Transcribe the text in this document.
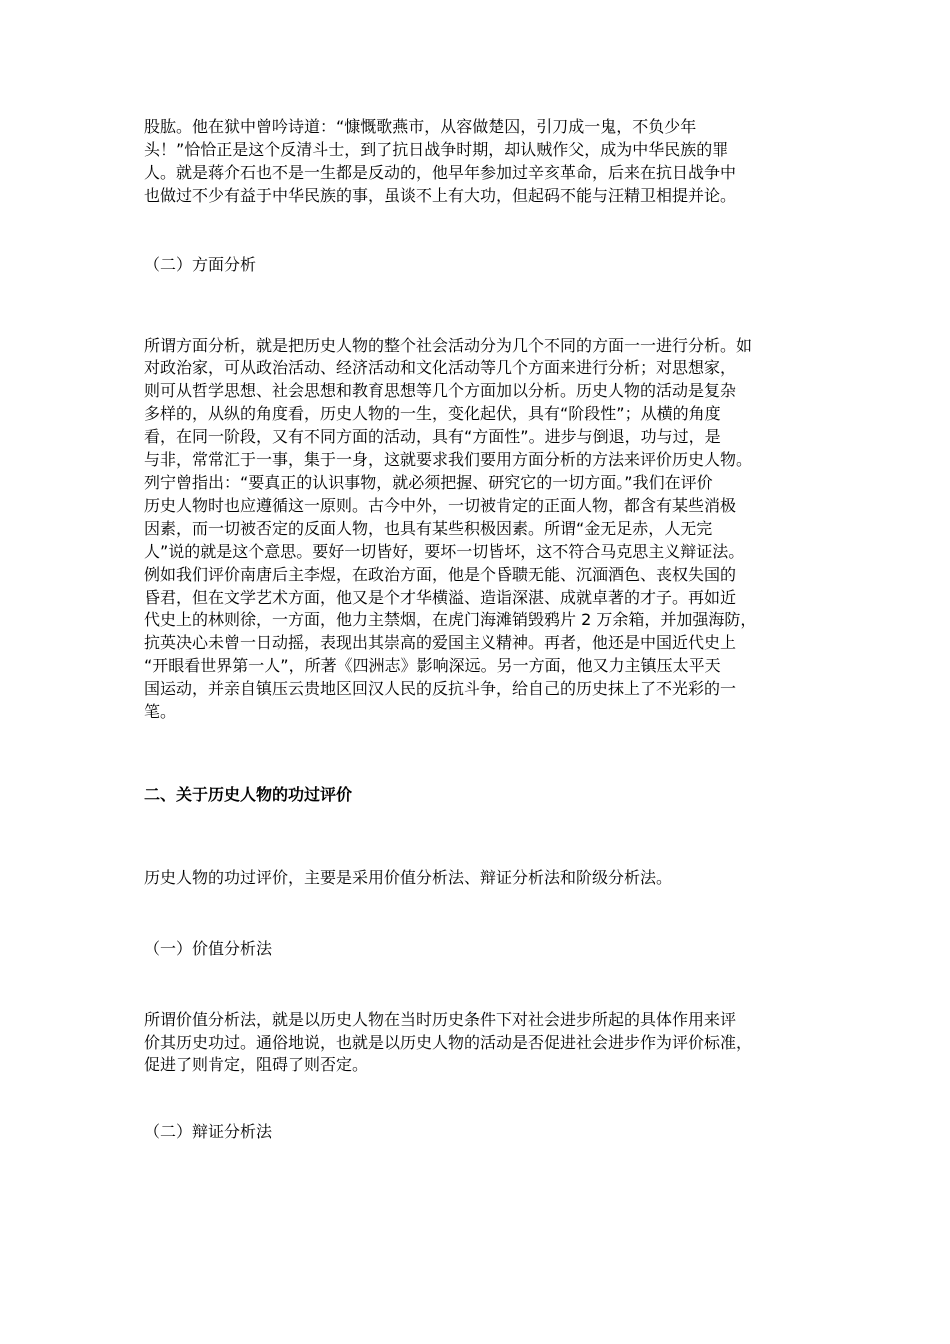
股肱。他在狱中曾吟诗道：“慷慨歌燕市，从容做楚囚，引刀成一鬼，不负少年
头！”恰恰正是这个反清斗士，到了抗日战争时期，却认贼作父，成为中华民族的罪
人。就是蒋介石也不是一生都是反动的，他早年参加过辛亥革命，后来在抗日战争中
也做过不少有益于中华民族的事，虽谈不上有大功，但起码不能与汪精卫相提并论。

（二）方面分析

所谓方面分析，就是把历史人物的整个社会活动分为几个不同的方面一一进行分析。如
对政治家，可从政治活动、经济活动和文化活动等几个方面来进行分析；对思想家，
则可从哲学思想、社会思想和教育思想等几个方面加以分析。历史人物的活动是复杂
多样的，从纵的角度看，历史人物的一生，变化起伏，具有“阶段性”；从横的角度
看，在同一阶段，又有不同方面的活动，具有“方面性”。进步与倒退，功与过，是
与非，常常汇于一事，集于一身，这就要求我们要用方面分析的方法来评价历史人物。
列宁曾指出：“要真正的认识事物，就必须把握、研究它的一切方面。”我们在评价
历史人物时也应遵循这一原则。古今中外，一切被肯定的正面人物，都含有某些消极
因素，而一切被否定的反面人物，也具有某些积极因素。所谓“金无足赤，人无完
人”说的就是这个意思。要好一切皆好，要坏一切皆坏，这不符合马克思主义辩证法。
例如我们评价南唐后主李煜，在政治方面，他是个昏聩无能、沉湎酒色、丧权失国的
昏君，但在文学艺术方面，他又是个才华横溢、造诣深湛、成就卓著的才子。再如近
代史上的林则徐，一方面，他力主禁烟，在虎门海滩销毁鸦片 2 万余箱，并加强海防，
抗英决心未曾一日动摇，表现出其崇高的爱国主义精神。再者，他还是中国近代史上
“开眼看世界第一人”，所著《四洲志》影响深远。另一方面，他又力主镇压太平天
国运动，并亲自镇压云贵地区回汉人民的反抗斗争，给自己的历史抹上了不光彩的一
笔。

二、关于历史人物的功过评价

历史人物的功过评价，主要是采用价值分析法、辩证分析法和阶级分析法。

（一）价值分析法

所谓价值分析法，就是以历史人物在当时历史条件下对社会进步所起的具体作用来评
价其历史功过。通俗地说，也就是以历史人物的活动是否促进社会进步作为评价标准，
促进了则肯定，阻碍了则否定。

（二）辩证分析法
